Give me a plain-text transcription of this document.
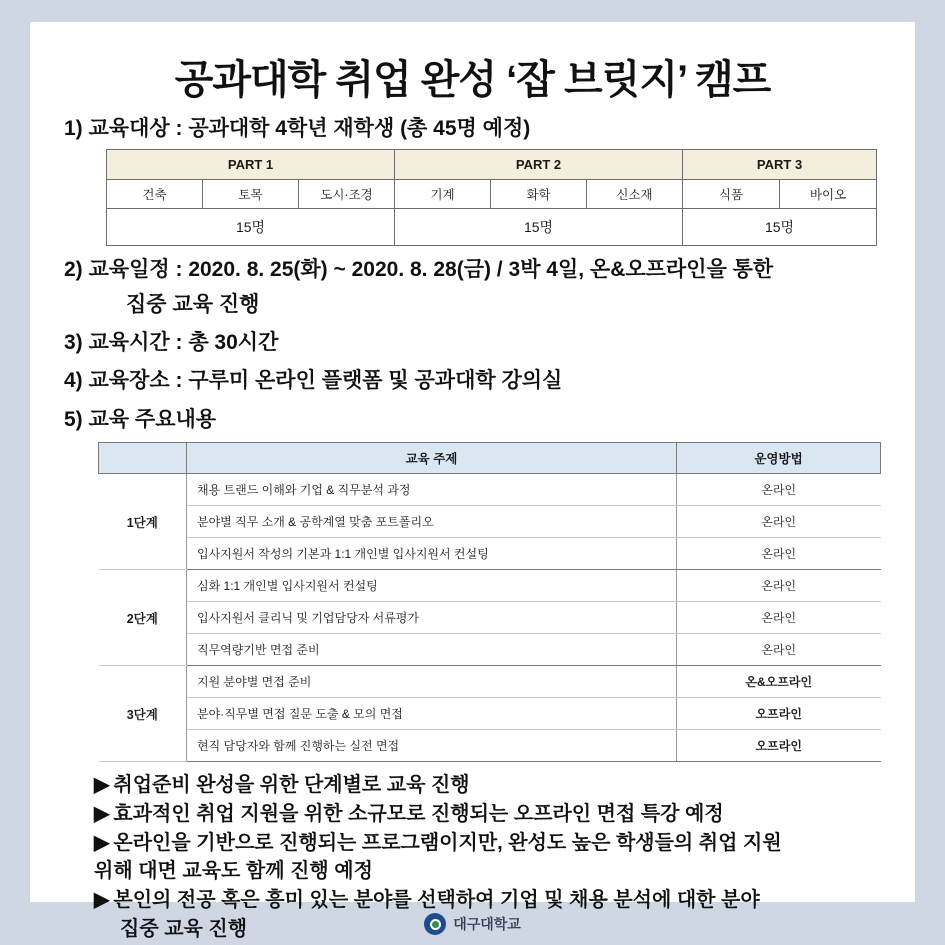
공과대학 취업 완성 ‘잡 브릿지’ 캠프
1) 교육대상 : 공과대학 4학년 재학생 (총 45명 예정)
PART 1			PART 2			PART 3	
건축	토목	도시·조경	기계	화학	신소재	식품	바이오
15명			15명			15명	
2) 교육일정 : 2020. 8. 25(화) ~ 2020. 8. 28(금) / 3박 4일, 온&오프라인을 통한
집중 교육 진행
3) 교육시간 : 총 30시간
4) 교육장소 : 구루미 온라인 플랫폼 및 공과대학 강의실
5) 교육 주요내용
	교육 주제	운영방법
1단계	채용 트랜드 이해와 기업 & 직무분석 과정	온라인
	분야별 직무 소개 & 공학계열 맞춤 포트폴리오	온라인
	입사지원서 작성의 기본과 1:1 개인별 입사지원서 컨설팅	온라인
2단계	심화 1:1 개인별 입사지원서 컨설팅	온라인
	입사지원서 클리닉 및 기업담당자 서류평가	온라인
	직무역량기반 면접 준비	온라인
3단계	지원 분야별 면접 준비	온&오프라인
	분야·직무별 면접 질문 도출 & 모의 면접	오프라인
	현직 담당자와 함께 진행하는 실전 면접	오프라인
▶ 취업준비 완성을 위한 단계별로 교육 진행
▶ 효과적인 취업 지원을 위한 소규모로 진행되는 오프라인 면접 특강 예정
▶ 온라인을 기반으로 진행되는 프로그램이지만, 완성도 높은 학생들의 취업 지원
위해 대면 교육도 함께 진행 예정
▶ 본인의 전공 혹은 흥미 있는 분야를 선택하여 기업 및 채용 분석에 대한 분야
집중 교육 진행	대구대학교
